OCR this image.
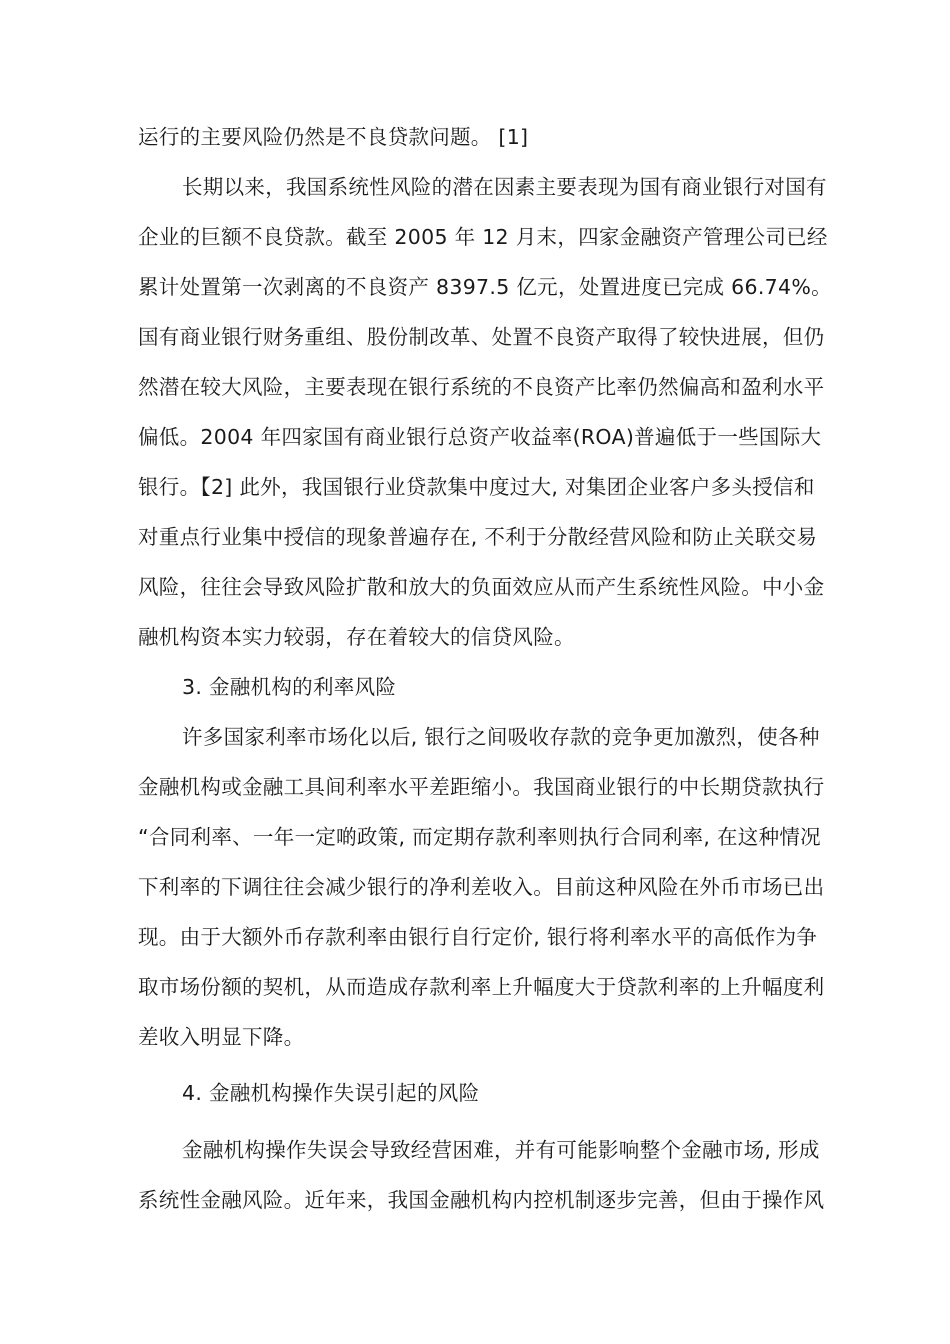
运行的主要风险仍然是不良贷款问题。 [1]
长期以来，我国系统性风险的潜在因素主要表现为国有商业银行对国有
企业的巨额不良贷款。截至 2005 年 12 月末，四家金融资产管理公司已经
累计处置第一次剥离的不良资产 8397.5 亿元，处置进度已完成 66.74%。
国有商业银行财务重组、股份制改革、处置不良资产取得了较快进展，但仍
然潜在较大风险，主要表现在银行系统的不良资产比率仍然偏高和盈利水平
偏低。2004 年四家国有商业银行总资产收益率(ROA)普遍低于一些国际大
银行。【2] 此外，我国银行业贷款集中度过大, 对集团企业客户多头授信和
对重点行业集中授信的现象普遍存在, 不利于分散经营风险和防止关联交易
风险，往往会导致风险扩散和放大的负面效应从而产生系统性风险。中小金
融机构资本实力较弱，存在着较大的信贷风险。
3. 金融机构的利率风险
许多国家利率市场化以后, 银行之间吸收存款的竞争更加激烈，使各种
金融机构或金融工具间利率水平差距缩小。我国商业银行的中长期贷款执行
“合同利率、一年一定啲政策, 而定期存款利率则执行合同利率, 在这种情况
下利率的下调往往会减少银行的净利差收入。目前这种风险在外币市场已出
现。由于大额外币存款利率由银行自行定价, 银行将利率水平的高低作为争
取市场份额的契机，从而造成存款利率上升幅度大于贷款利率的上升幅度利
差收入明显下降。
4. 金融机构操作失误引起的风险
金融机构操作失误会导致经营困难，并有可能影响整个金融市场, 形成
系统性金融风险。近年来，我国金融机构内控机制逐步完善，但由于操作风
